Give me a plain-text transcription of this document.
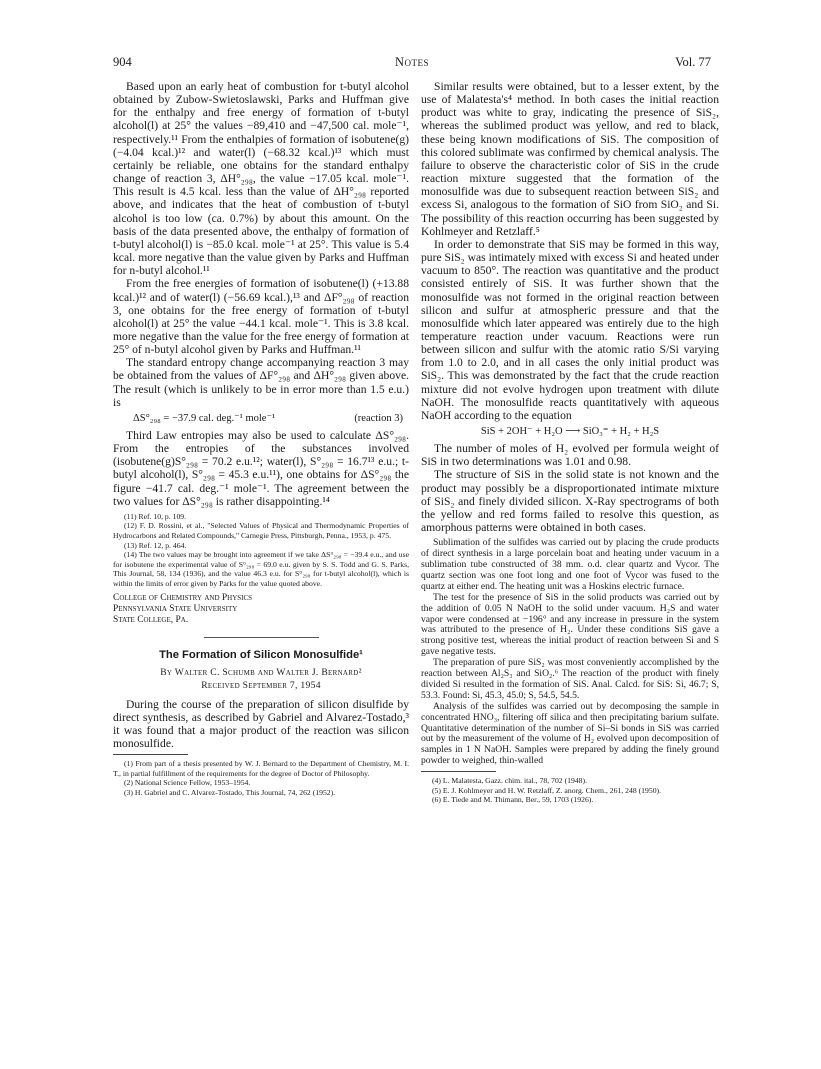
904	Notes	Vol. 77

Based upon an early heat of combustion for t-butyl alcohol obtained by Zubow-Swietoslawski, Parks and Huffman give for the enthalpy and free energy of formation of t-butyl alcohol(l) at 25° the values −89,410 and −47,500 cal. mole⁻¹, respectively.¹¹ From the enthalpies of formation of isobutene(g) (−4.04 kcal.)¹² and water(l) (−68.32 kcal.)¹³ which must certainly be reliable, one obtains for the standard enthalpy change of reaction 3, ΔH°₂₉₈, the value −17.05 kcal. mole⁻¹. This result is 4.5 kcal. less than the value of ΔH°₂₉₈ reported above, and indicates that the heat of combustion of t-butyl alcohol is too low (ca. 0.7%) by about this amount. On the basis of the data presented above, the enthalpy of formation of t-butyl alcohol(l) is −85.0 kcal. mole⁻¹ at 25°. This value is 5.4 kcal. more negative than the value given by Parks and Huffman for n-butyl alcohol.¹¹

From the free energies of formation of isobutene(l) (+13.88 kcal.)¹² and of water(l) (−56.69 kcal.),¹³ and ΔF°₂₉₈ of reaction 3, one obtains for the free energy of formation of t-butyl alcohol(l) at 25° the value −44.1 kcal. mole⁻¹. This is 3.8 kcal. more negative than the value for the free energy of formation at 25° of n-butyl alcohol given by Parks and Huffman.¹¹

The standard entropy change accompanying reaction 3 may be obtained from the values of ΔF°₂₉₈ and ΔH°₂₉₈ given above. The result (which is unlikely to be in error more than 1.5 e.u.) is

ΔS°₂₉₈ = −37.9 cal. deg.⁻¹ mole⁻¹	(reaction 3)

Third Law entropies may also be used to calculate ΔS°₂₉₈. From the entropies of the substances involved (isobutene(g)S°₂₉₈ = 70.2 e.u.¹²; water(l), S°₂₉₈ = 16.7¹³ e.u.; t-butyl alcohol(l), S°₂₉₈ = 45.3 e.u.¹¹), one obtains for ΔS°₂₉₈ the figure −41.7 cal. deg.⁻¹ mole⁻¹. The agreement between the two values for ΔS°₂₉₈ is rather disappointing.¹⁴

(11) Ref. 10, p. 109.

(12) F. D. Rossini, et al., "Selected Values of Physical and Thermodynamic Properties of Hydrocarbons and Related Compounds," Carnegie Press, Pittsburgh, Penna., 1953, p. 475.

(13) Ref. 12, p. 464.

(14) The two values may be brought into agreement if we take ΔS°₂₉₈ = −39.4 e.u., and use for isobutene the experimental value of S°₂₉₈ = 69.0 e.u. given by S. S. Todd and G. S. Parks, This Journal, 58, 134 (1936), and the value 46.3 e.u. for S°₂₉₈ for t-butyl alcohol(l), which is within the limits of error given by Parks for the value quoted above.

College of Chemistry and Physics

Pennsylvania State University

State College, Pa.

The Formation of Silicon Monosulfide¹
By Walter C. Schumb and Walter J. Bernard²
Received September 7, 1954

During the course of the preparation of silicon disulfide by direct synthesis, as described by Gabriel and Alvarez-Tostado,³ it was found that a major product of the reaction was silicon monosulfide.

(1) From part of a thesis presented by W. J. Bernard to the Department of Chemistry, M. I. T., in partial fulfillment of the requirements for the degree of Doctor of Philosophy.

(2) National Science Fellow, 1953–1954.

(3) H. Gabriel and C. Alvarez-Tostado, This Journal, 74, 262 (1952).

Similar results were obtained, but to a lesser extent, by the use of Malatesta's⁴ method. In both cases the initial reaction product was white to gray, indicating the presence of SiS₂, whereas the sublimed product was yellow, and red to black, these being known modifications of SiS. The composition of this colored sublimate was confirmed by chemical analysis. The failure to observe the characteristic color of SiS in the crude reaction mixture suggested that the formation of the monosulfide was due to subsequent reaction between SiS₂ and excess Si, analogous to the formation of SiO from SiO₂ and Si. The possibility of this reaction occurring has been suggested by Kohlmeyer and Retzlaff.⁵

In order to demonstrate that SiS may be formed in this way, pure SiS₂ was intimately mixed with excess Si and heated under vacuum to 850°. The reaction was quantitative and the product consisted entirely of SiS. It was further shown that the monosulfide was not formed in the original reaction between silicon and sulfur at atmospheric pressure and that the monosulfide which later appeared was entirely due to the high temperature reaction under vacuum. Reactions were run between silicon and sulfur with the atomic ratio S/Si varying from 1.0 to 2.0, and in all cases the only initial product was SiS₂. This was demonstrated by the fact that the crude reaction mixture did not evolve hydrogen upon treatment with dilute NaOH. The monosulfide reacts quantitatively with aqueous NaOH according to the equation

SiS + 2OH⁻ + H₂O ⟶ SiO₃⁼ + H₂ + H₂S

The number of moles of H₂ evolved per formula weight of SiS in two determinations was 1.01 and 0.98.

The structure of SiS in the solid state is not known and the product may possibly be a disproportionated intimate mixture of SiS₂ and finely divided silicon. X-Ray spectrograms of both the yellow and red forms failed to resolve this question, as amorphous patterns were obtained in both cases.

Sublimation of the sulfides was carried out by placing the crude products of direct synthesis in a large porcelain boat and heating under vacuum in a sublimation tube constructed of 38 mm. o.d. clear quartz and Vycor. The quartz section was one foot long and one foot of Vycor was fused to the quartz at either end. The heating unit was a Hoskins electric furnace.

The test for the presence of SiS in the solid products was carried out by the addition of 0.05 N NaOH to the solid under vacuum. H₂S and water vapor were condensed at −196° and any increase in pressure in the system was attributed to the presence of H₂. Under these conditions SiS gave a strong positive test, whereas the initial product of reaction between Si and S gave negative tests.

The preparation of pure SiS₂ was most conveniently accomplished by the reaction between Al₂S₃ and SiO₂.⁶ The reaction of the product with finely divided Si resulted in the formation of SiS. Anal. Calcd. for SiS: Si, 46.7; S, 53.3. Found: Si, 45.3, 45.0; S, 54.5, 54.5.

Analysis of the sulfides was carried out by decomposing the sample in concentrated HNO₃, filtering off silica and then precipitating barium sulfate. Quantitative determination of the number of Si–Si bonds in SiS was carried out by the measurement of the volume of H₂ evolved upon decomposition of samples in 1 N NaOH. Samples were prepared by adding the finely ground powder to weighed, thin-walled

(4) L. Malatesta, Gazz. chim. ital., 78, 702 (1948).

(5) E. J. Kohlmeyer and H. W. Retzlaff, Z. anorg. Chem., 261, 248 (1950).

(6) E. Tiede and M. Thimann, Ber., 59, 1703 (1926).
